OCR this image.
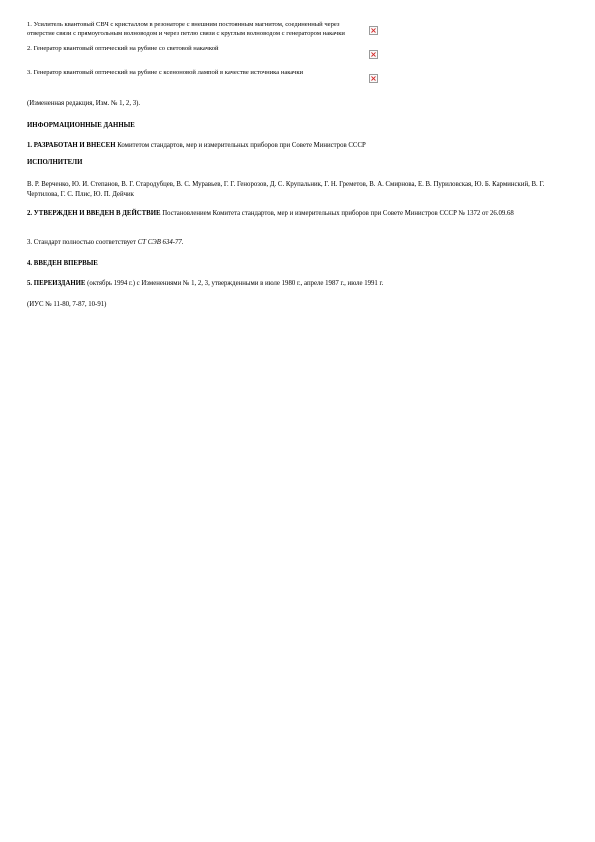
1. Усилитель квантовый СВЧ с кристаллом в резонаторе с внешним постоянным магнитом, соединенный через отверстие связи с прямоугольным волноводом и через петлю связи с круглым волноводом с генератором накачки	×
2. Генератор квантовый оптический на рубине со световой накачкой	×
3. Генератор квантовый оптический на рубине с ксеноновой лампой в качестве источника накачки	×

(Измененная редакция, Изм. № 1, 2, 3).

ИНФОРМАЦИОННЫЕ ДАННЫЕ

1. РАЗРАБОТАН И ВНЕСЕН Комитетом стандартов, мер и измерительных приборов при Совете Министров СССР

ИСПОЛНИТЕЛИ

В. Р. Верченко, Ю. И. Степанов, В. Г. Стародубцев, В. С. Муравьев, Г. Г. Генорозов, Д. С. Крупальник, Г. Н. Греметов, В. А. Смирнова, Е. В. Пуриловская, Ю. Б. Карминский, В. Г. Чертилова, Г. С. Плис, Ю. П. Дейчик

2. УТВЕРЖДЕН И ВВЕДЕН В ДЕЙСТВИЕ Постановлением Комитета стандартов, мер и измерительных приборов при Совете Министров СССР № 1372 от 26.09.68

3. Стандарт полностью соответствует СТ СЭВ 634-77.

4. ВВЕДЕН ВПЕРВЫЕ

5. ПЕРЕИЗДАНИЕ (октябрь 1994 г.) с Изменениями № 1, 2, 3, утвержденными в июле 1980 г., апреле 1987 г., июле 1991 г.

(ИУС № 11-80, 7-87, 10-91)
